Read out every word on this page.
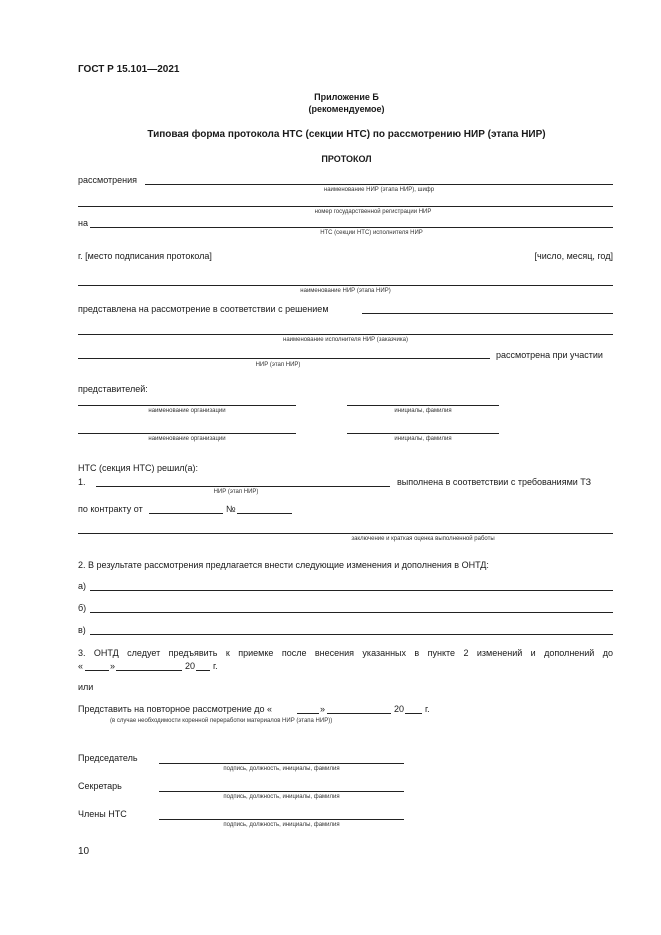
ГОСТ Р 15.101—2021
Приложение Б
(рекомендуемое)
Типовая форма протокола НТС (секции НТС) по рассмотрению НИР (этапа НИР)
ПРОТОКОЛ
рассмотрения
наименование НИР (этапа НИР), шифр
номер государственной регистрации НИР
на
НТС (секции НТС) исполнителя НИР
г. [место подписания протокола]	[число, месяц, год]
наименование НИР (этапа НИР)
представлена на рассмотрение в соответствии с решением
наименование исполнителя НИР (заказчика)
рассмотрена при участии
НИР (этап НИР)
представителей:
наименование организации	инициалы, фамилия
наименование организации	инициалы, фамилия
НТС (секция НТС) решил(а):
1.	выполнена в соответствии с требованиями ТЗ
НИР (этап НИР)
по контракту от	№
заключение и краткая оценка выполненной работы
2. В результате рассмотрения предлагается внести следующие изменения и дополнения в ОНТД:
а)
б)
в)
3. ОНТД следует предъявить к приемке после внесения указанных в пункте 2 изменений и дополнений до
«	»	20 г.
или
Представить на повторное рассмотрение до «	»	20 г.
(в случае необходимости коренной переработки материалов НИР (этапа НИР))
Председатель
подпись, должность, инициалы, фамилия
Секретарь
подпись, должность, инициалы, фамилия
Члены НТС
подпись, должность, инициалы, фамилия
10
